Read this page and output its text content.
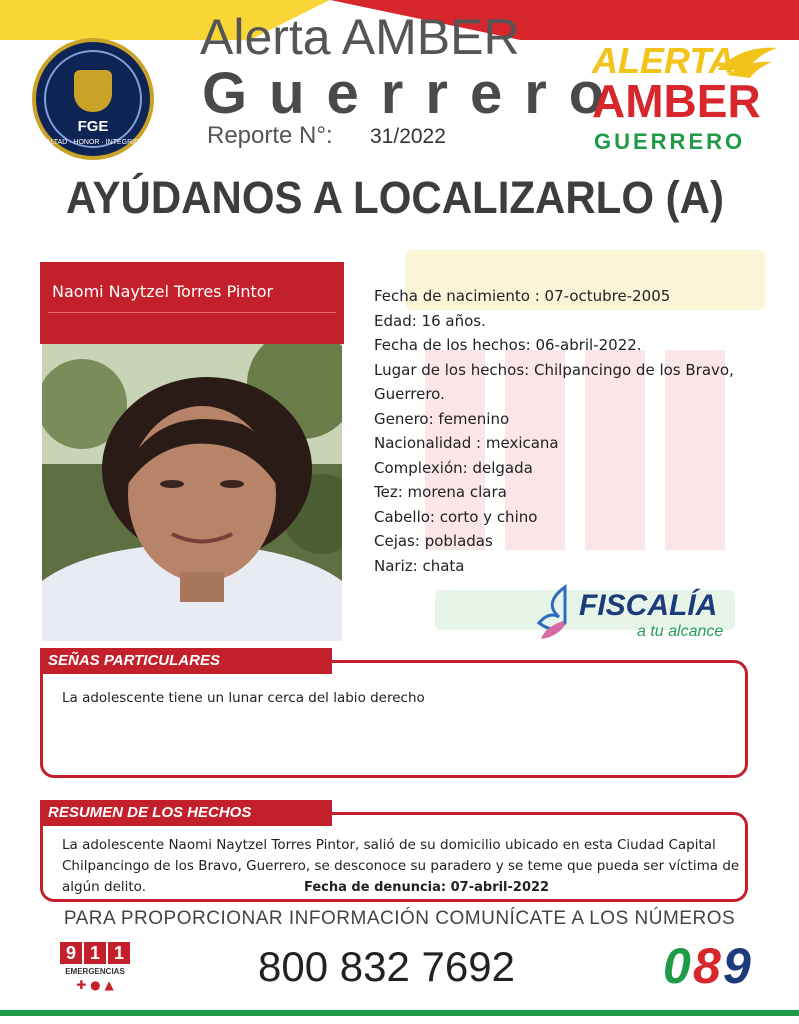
FGE
LEALTAD · HONOR · INTEGRIDAD
Alerta AMBER
Guerrero
Reporte N°: 31/2022
ALERTA
AMBER
GUERRERO
AYÚDANOS A LOCALIZARLO (A)
Naomi Naytzel Torres Pintor	Fecha de nacimiento : 07-octubre-2005
Edad: 16 años.
Fecha de los hechos: 06-abril-2022.
Lugar de los hechos: Chilpancingo de los Bravo,
Guerrero.
Genero: femenino
Nacionalidad : mexicana
Complexión: delgada
Tez: morena clara
Cabello: corto y chino
Cejas: pobladas
Nariz: chata
FISCALÍA
a tu alcance
SEÑAS PARTICULARES
La adolescente tiene un lunar cerca del labio derecho
RESUMEN DE LOS HECHOS
La adolescente Naomi Naytzel Torres Pintor, salió de su domicilio ubicado en esta Ciudad Capital
Chilpancingo de los Bravo, Guerrero, se desconoce su paradero y se teme que pueda ser víctima de
algún delito.	Fecha de denuncia: 07-abril-2022
PARA PROPORCIONAR INFORMACIÓN COMUNÍCATE A LOS NÚMEROS
9 1 1
EMERGENCIAS
✚ ● ▲	800 832 7692	0 8 9
